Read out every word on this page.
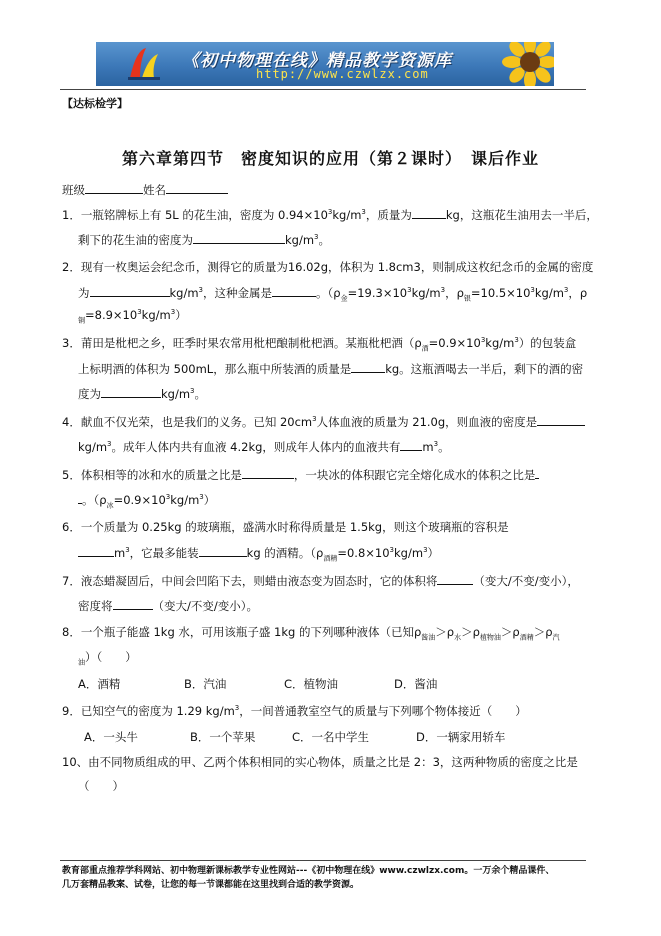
《初中物理在线》精品教学资源库
http://www.czwlzx.com
【达标检学】
第六章第四节　密度知识的应用（第２课时）　课后作业
班级	姓名
1．一瓶铭牌标上有 5L 的花生油，密度为 $0.94\times 10^3kg/m^3$，质量为	kg，这瓶花生油用去一半后，
剩下的花生油的密度为	$kg/m^3$。
2．现有一枚奥运会纪念币，测得它的质量为16.02g，体积为 1.8cm3，则制成这枚纪念币的金属的密度
为	$kg/m^3$，这种金属是	。（$\rho_金=19.3\times 10^3kg/m^3$，$\rho_银=10.5\times 10^3kg/m^3$，ρ
$_铜=8.9\times 10^3kg/m^3$）
3．莆田是枇杷之乡，旺季时果农常用枇杷酿制枇杷酒。某瓶枇杷酒$(\rho_酒=0.9\times 10^3kg/m^3)$的包装盒
上标明酒的体积为 500mL，那么瓶中所装酒的质量是	kg。这瓶酒喝去一半后，剩下的酒的密
度为	$kg/m^3$。
4．献血不仅光荣，也是我们的义务。已知 $20cm^3$人体血液的质量为 21.0g，则血液的密度是
$kg/m^3$。成年人体内共有血液 4.2kg，则成年人体内的血液共有 $m^3$。
5．体积相等的冰和水的质量之比是	，一块冰的体积跟它完全熔化成水的体积之比是
。$(\rho_冰=0.9\times 10^3kg/m^3)$
6．一个质量为 0.25kg 的玻璃瓶，盛满水时称得质量是 1.5kg，则这个玻璃瓶的容积是
$m^3$，它最多能装	kg 的酒精。$(\rho_{酒精}=0.8\times 10^3kg/m^3)$
7．液态蜡凝固后，中间会凹陷下去，则蜡由液态变为固态时，它的体积将	（变大/不变/变小），
密度将	（变大/不变/变小）。
8．一个瓶子能盛 1kg 水，可用该瓶子盛 1kg 的下列哪种液体（已知$\rho_{酱油}>\rho_水>\rho_{植物油}>\rho_{酒精}>\rho_汽$
$_油$）（　　）
A．酒精	B．汽油	C．植物油	D．酱油
9．已知空气的密度为 1.29 $kg/m^3$，一间普通教室空气的质量与下列哪个物体接近（　　）
A．一头牛	B．一个苹果	C．一名中学生	D．一辆家用轿车
10、由不同物质组成的甲、乙两个体积相同的实心物体，质量之比是 2：3，这两种物质的密度之比是
（　　）
教育部重点推荐学科网站、初中物理新课标教学专业性网站---《初中物理在线》www.czwlzx.com。一万余个精品课件、
几万套精品教案、试卷，让您的每一节课都能在这里找到合适的教学资源。
